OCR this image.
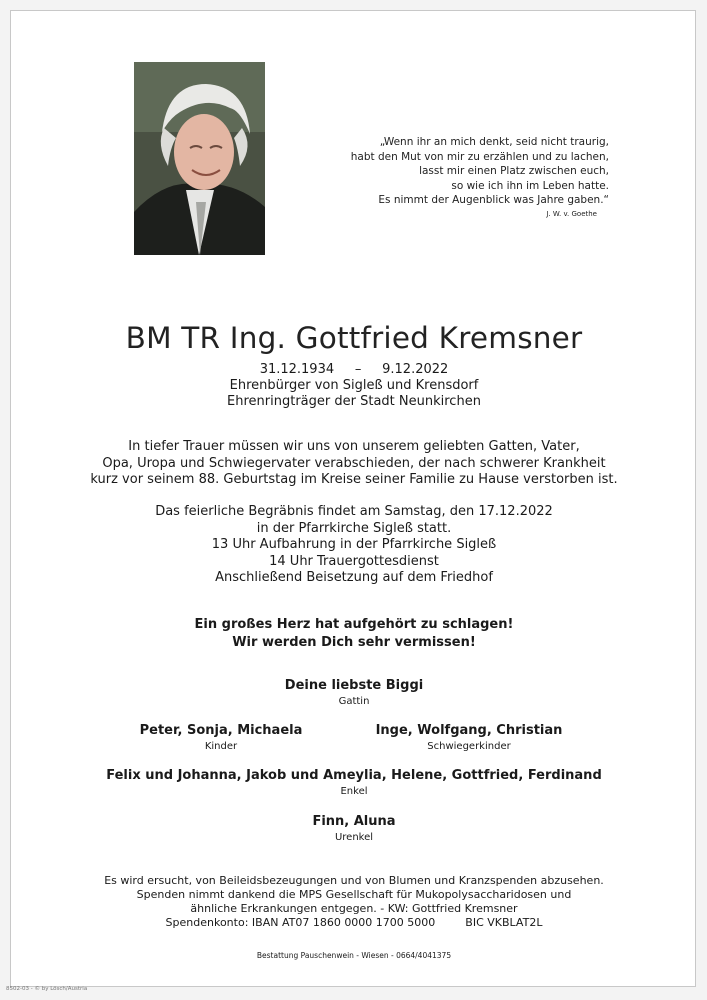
„Wenn ihr an mich denkt, seid nicht traurig,
habt den Mut von mir zu erzählen und zu lachen,
lasst mir einen Platz zwischen euch,
so wie ich ihn im Leben hatte.
Es nimmt der Augenblick was Jahre gaben.“
J. W. v. Goethe
BM TR Ing. Gottfried Kremsner
31.12.1934 – 9.12.2022
Ehrenbürger von Sigleß und Krensdorf
Ehrenringträger der Stadt Neunkirchen
In tiefer Trauer müssen wir uns von unserem geliebten Gatten, Vater,
Opa, Uropa und Schwiegervater verabschieden, der nach schwerer Krankheit
kurz vor seinem 88. Geburtstag im Kreise seiner Familie zu Hause verstorben ist.
Das feierliche Begräbnis findet am Samstag, den 17.12.2022
in der Pfarrkirche Sigleß statt.
13 Uhr Aufbahrung in der Pfarrkirche Sigleß
14 Uhr Trauergottesdienst
Anschließend Beisetzung auf dem Friedhof
Ein großes Herz hat aufgehört zu schlagen!
Wir werden Dich sehr vermissen!
Deine liebste Biggi
Gattin
Peter, Sonja, Michaela
Kinder
Inge, Wolfgang, Christian
Schwiegerkinder
Felix und Johanna, Jakob und Ameylia, Helene, Gottfried, Ferdinand
Enkel
Finn, Aluna
Urenkel
Es wird ersucht, von Beileidsbezeugungen und von Blumen und Kranzspenden abzusehen.
Spenden nimmt dankend die MPS Gesellschaft für Mukopolysaccharidosen und
ähnliche Erkrankungen entgegen. - KW: Gottfried Kremsner
Spendenkonto: IBAN AT07 1860 0000 1700 5000	BIC VKBLAT2L
Bestattung Pauschenwein - Wiesen - 0664/4041375
8502-03 - © by Lösch/Austria
